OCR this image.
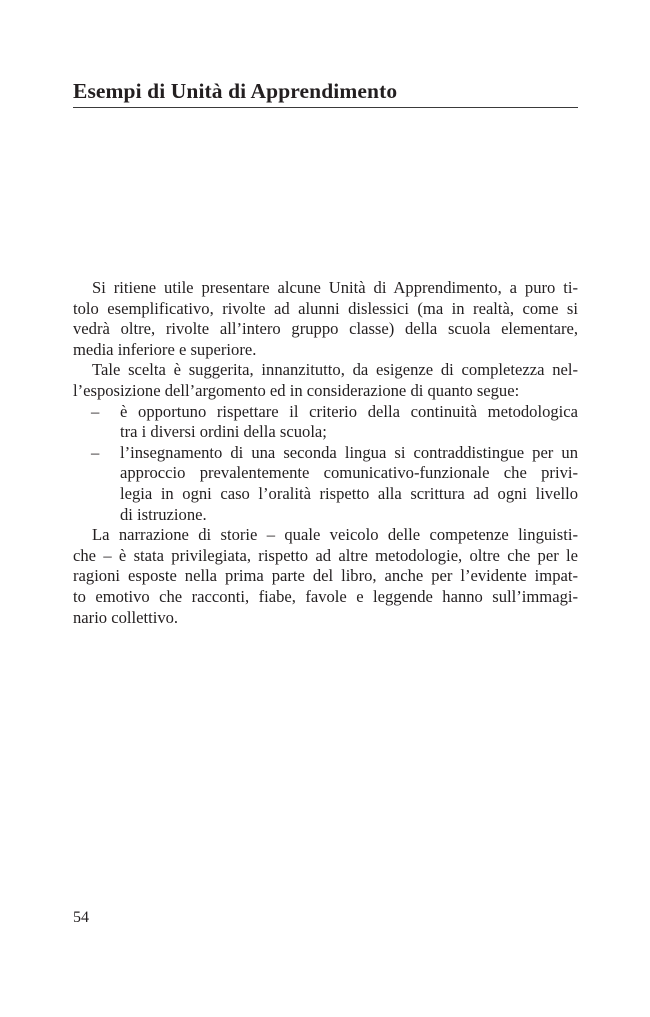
Esempi di Unità di Apprendimento

Si ritiene utile presentare alcune Unità di Apprendimento, a puro ti-
tolo esemplificativo, rivolte ad alunni dislessici (ma in realtà, come si
vedrà oltre, rivolte all’intero gruppo classe) della scuola elementare,
media inferiore e superiore.

Tale scelta è suggerita, innanzitutto, da esigenze di completezza nel-
l’esposizione dell’argomento ed in considerazione di quanto segue:

– è opportuno rispettare il criterio della continuità metodologica
tra i diversi ordini della scuola;
– l’insegnamento di una seconda lingua si contraddistingue per un
approccio prevalentemente comunicativo-funzionale che privi-
legia in ogni caso l’oralità rispetto alla scrittura ad ogni livello
di istruzione.

La narrazione di storie – quale veicolo delle competenze linguisti-
che – è stata privilegiata, rispetto ad altre metodologie, oltre che per le
ragioni esposte nella prima parte del libro, anche per l’evidente impat-
to emotivo che racconti, fiabe, favole e leggende hanno sull’immagi-
nario collettivo.

54
